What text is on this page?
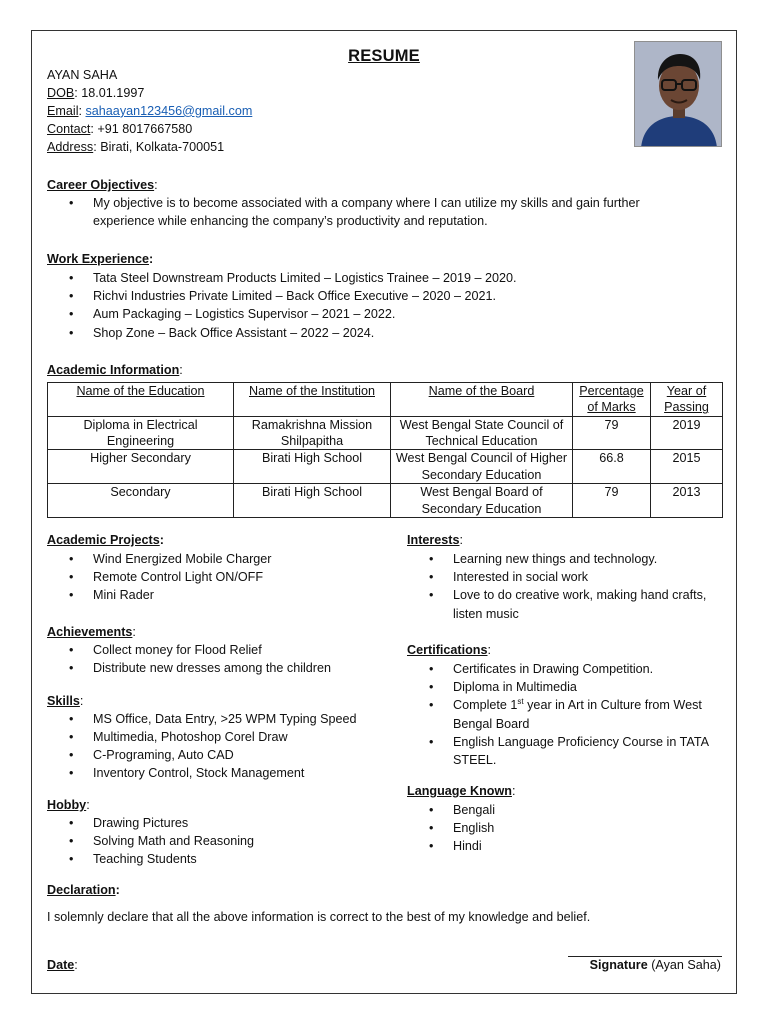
RESUME
AYAN SAHA
DOB: 18.01.1997
Email: sahaayan123456@gmail.com
Contact: +91 8017667580
Address: Birati, Kolkata-700051
Career Objectives:
• My objective is to become associated with a company where I can utilize my skills and gain further experience while enhancing the company’s productivity and reputation.
Work Experience:
• Tata Steel Downstream Products Limited – Logistics Trainee – 2019 – 2020.
• Richvi Industries Private Limited – Back Office Executive – 2020 – 2021.
• Aum Packaging – Logistics Supervisor – 2021 – 2022.
• Shop Zone – Back Office Assistant – 2022 – 2024.
Academic Information:
Name of the Education	Name of the Institution	Name of the Board	Percentage of Marks	Year of Passing
Diploma in Electrical Engineering	Ramakrishna Mission Shilpapitha	West Bengal State Council of Technical Education	79	2019
Higher Secondary	Birati High School	West Bengal Council of Higher Secondary Education	66.8	2015
Secondary	Birati High School	West Bengal Board of Secondary Education	79	2013
Academic Projects:
• Wind Energized Mobile Charger
• Remote Control Light ON/OFF
• Mini Rader
Achievements:
• Collect money for Flood Relief
• Distribute new dresses among the children
Skills:
• MS Office, Data Entry, >25 WPM Typing Speed
• Multimedia, Photoshop Corel Draw
• C-Programing, Auto CAD
• Inventory Control, Stock Management
Hobby:
• Drawing Pictures
• Solving Math and Reasoning
• Teaching Students
Interests:
• Learning new things and technology.
• Interested in social work
• Love to do creative work, making hand crafts, listen music
Certifications:
• Certificates in Drawing Competition.
• Diploma in Multimedia
• Complete 1st year in Art in Culture from West Bengal Board
• English Language Proficiency Course in TATA STEEL.
Language Known:
• Bengali
• English
• Hindi
Declaration:
I solemnly declare that all the above information is correct to the best of my knowledge and belief.
Date:	Signature (Ayan Saha)
